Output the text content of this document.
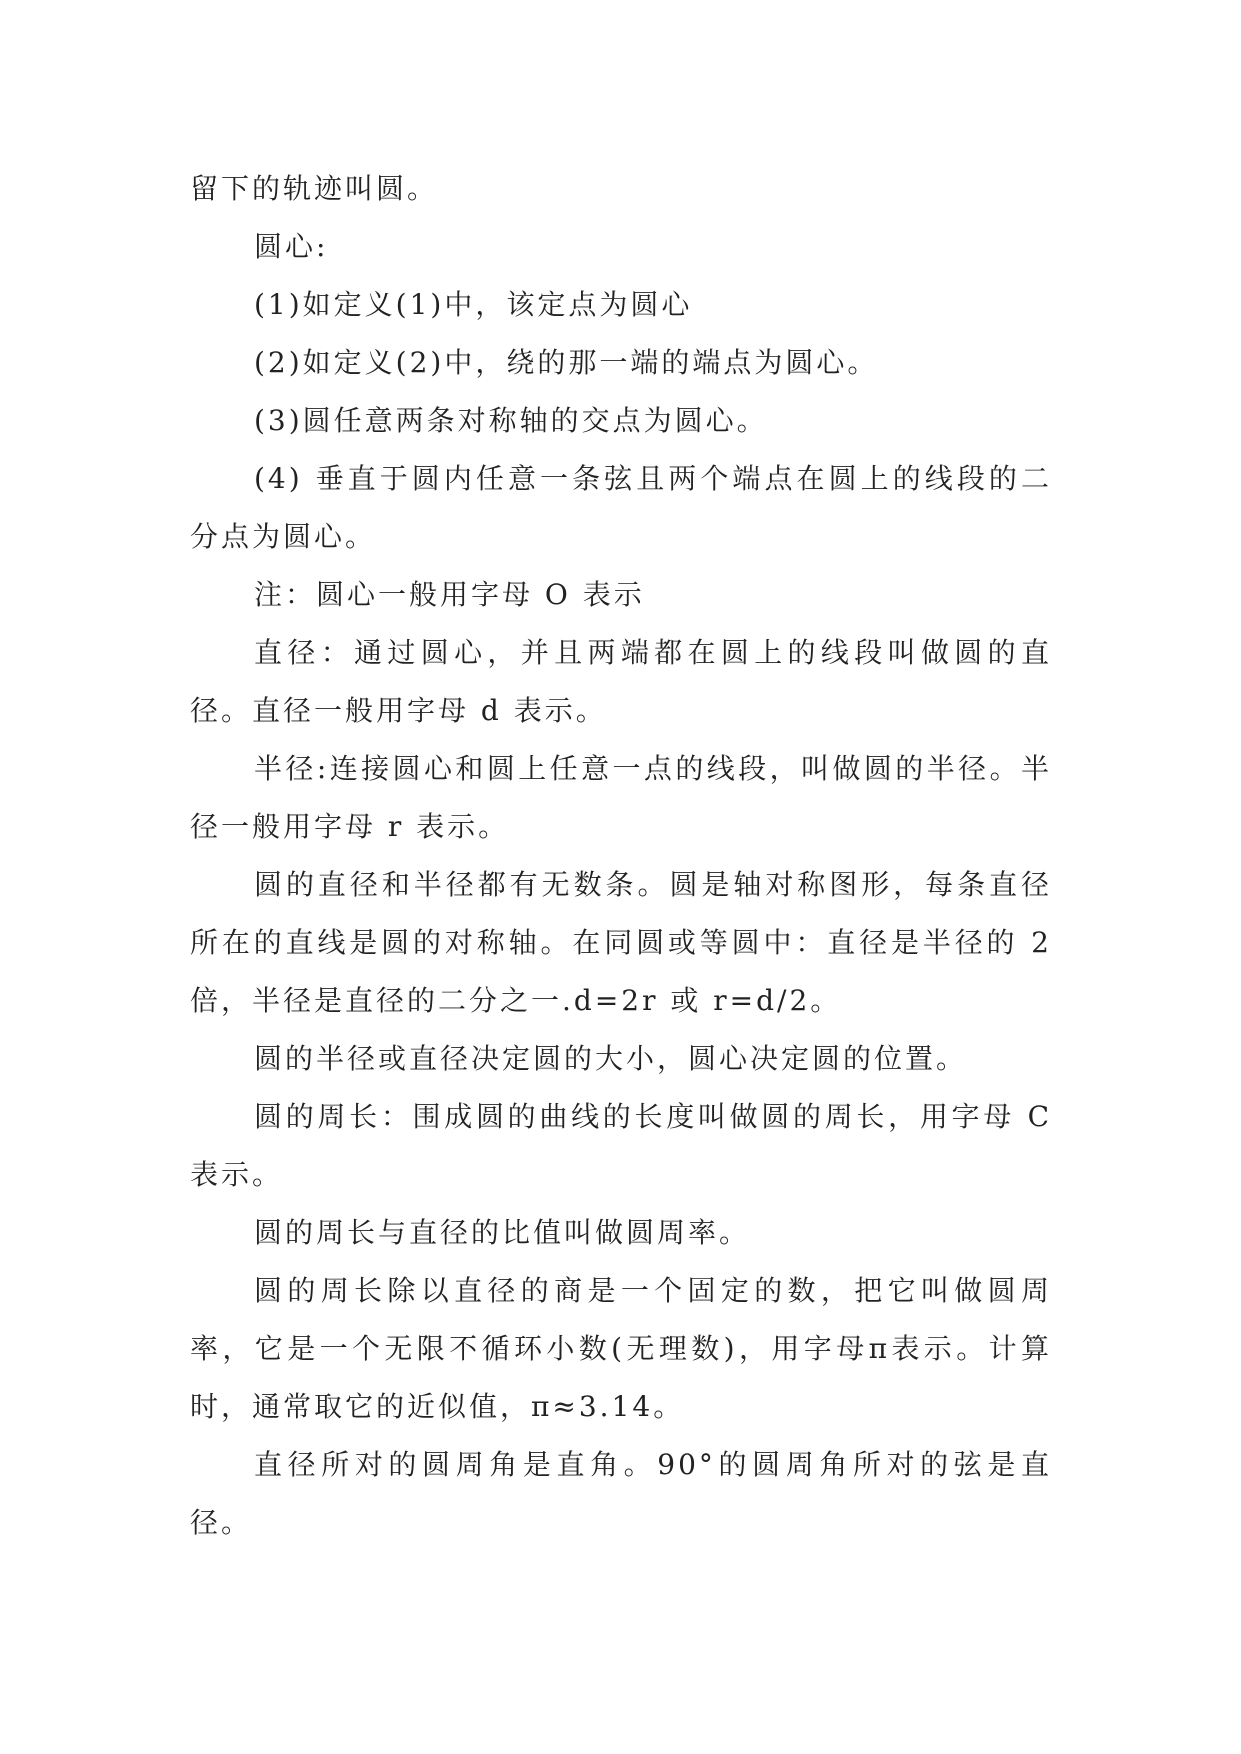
留下的轨迹叫圆。

圆心:

(1)如定义(1)中，该定点为圆心

(2)如定义(2)中，绕的那一端的端点为圆心。

(3)圆任意两条对称轴的交点为圆心。

(4) 垂直于圆内任意一条弦且两个端点在圆上的线段的二分点为圆心。

注：圆心一般用字母 O 表示

直径：通过圆心，并且两端都在圆上的线段叫做圆的直径。直径一般用字母 d 表示。

半径:连接圆心和圆上任意一点的线段，叫做圆的半径。半径一般用字母 r 表示。

圆的直径和半径都有无数条。圆是轴对称图形，每条直径所在的直线是圆的对称轴。在同圆或等圆中：直径是半径的 2 倍，半径是直径的二分之一.d=2r 或 r=d/2。

圆的半径或直径决定圆的大小，圆心决定圆的位置。

圆的周长：围成圆的曲线的长度叫做圆的周长，用字母 C 表示。

圆的周长与直径的比值叫做圆周率。

圆的周长除以直径的商是一个固定的数，把它叫做圆周率，它是一个无限不循环小数(无理数)，用字母π表示。计算时，通常取它的近似值，π≈3.14。

直径所对的圆周角是直角。90°的圆周角所对的弦是直径。
